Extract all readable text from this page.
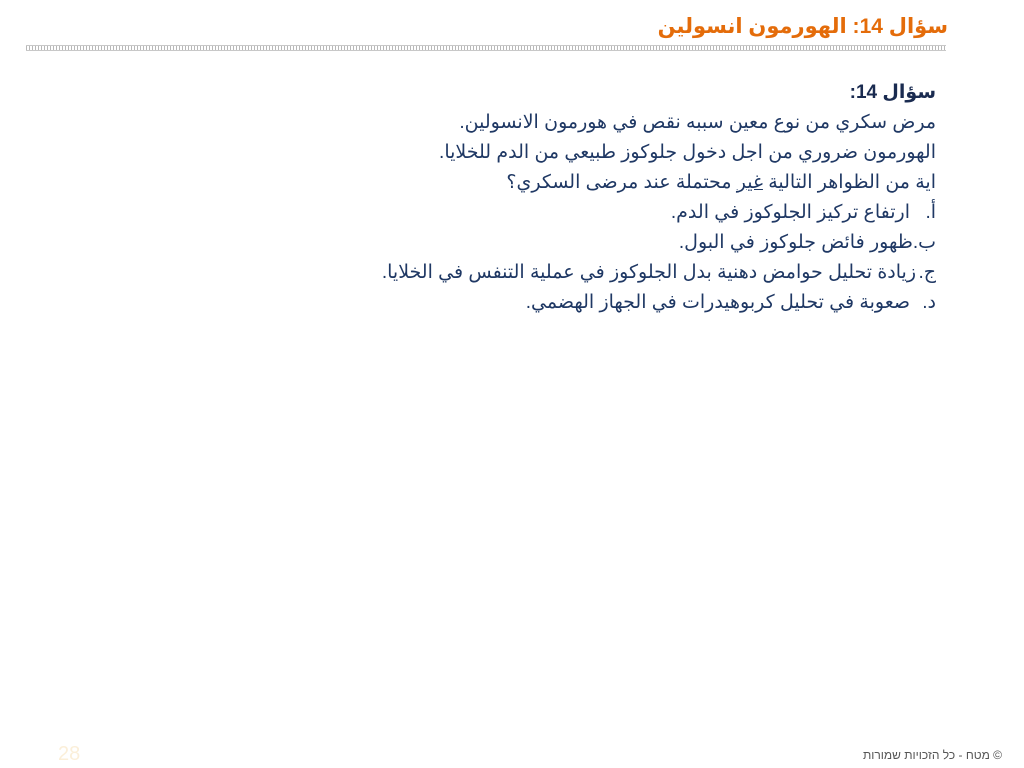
سؤال 14: الهورمون انسولين
سؤال 14:
مرض سكري من نوع معين سببه نقص في هورمون الانسولين.
الهورمون ضروري من اجل دخول جلوكوز طبيعي من الدم للخلايا.
اية من الظواهر التالية غير محتملة عند مرضى السكري؟
أ.ارتفاع تركيز الجلوكوز في الدم.
ب.ظهور فائض جلوكوز في البول.
ج.زيادة تحليل حوامض دهنية بدل الجلوكوز في عملية التنفس في الخلايا.
د.صعوبة في تحليل كربوهيدرات في الجهاز الهضمي.
28	© מטח - כל הזכויות שמורות
